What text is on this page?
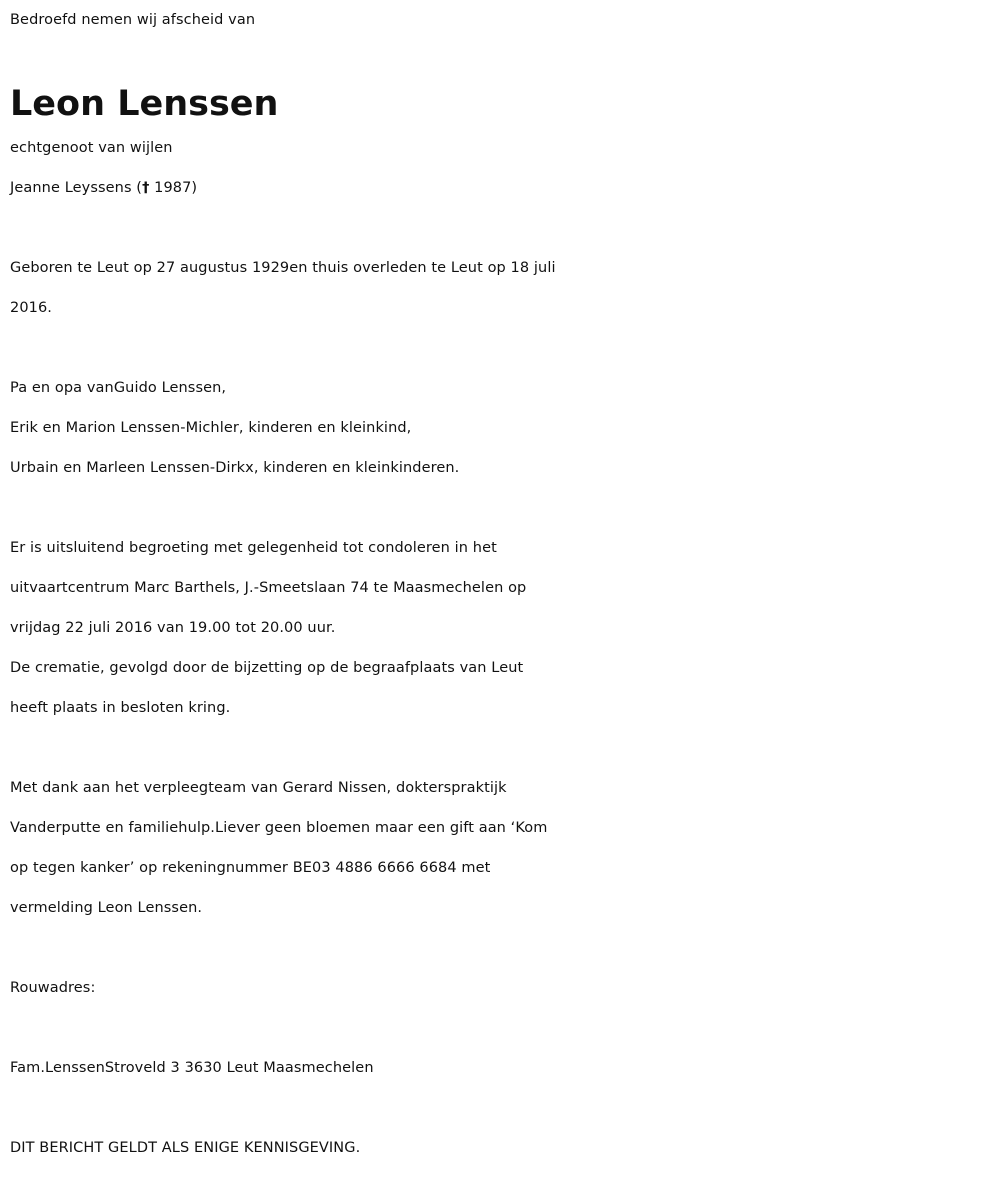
Bedroefd nemen wij afscheid van
Leon Lenssen
echtgenoot van wijlen
Jeanne Leyssens († 1987)
Geboren te Leut op 27 augustus 1929en thuis overleden te Leut op 18 juli
2016.
Pa en opa vanGuido Lenssen,
Erik en Marion Lenssen-Michler, kinderen en kleinkind,
Urbain en Marleen Lenssen-Dirkx, kinderen en kleinkinderen.
Er is uitsluitend begroeting met gelegenheid tot condoleren in het
uitvaartcentrum Marc Barthels, J.-Smeetslaan 74 te Maasmechelen op
vrijdag 22 juli 2016 van 19.00 tot 20.00 uur.
De crematie, gevolgd door de bijzetting op de begraafplaats van Leut
heeft plaats in besloten kring.
Met dank aan het verpleegteam van Gerard Nissen, dokterspraktijk
Vanderputte en familiehulp.Liever geen bloemen maar een gift aan ‘Kom
op tegen kanker’ op rekeningnummer BE03 4886 6666 6684 met
vermelding Leon Lenssen.
Rouwadres:
Fam.LenssenStroveld 3 3630 Leut Maasmechelen
DIT BERICHT GELDT ALS ENIGE KENNISGEVING.
